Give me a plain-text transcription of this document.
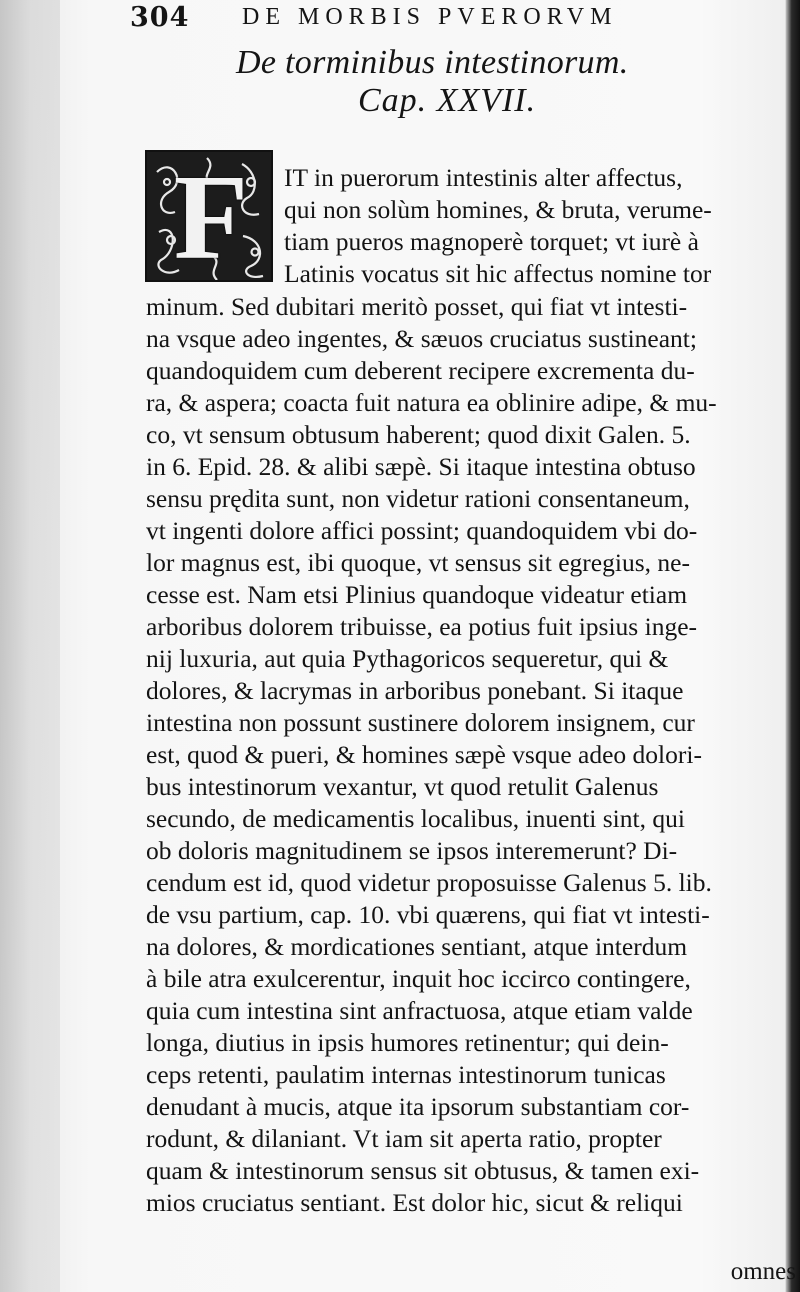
304 DE MORBIS PVERORVM
De torminibus intestinorum.
Cap. XXVII.
F	IT in puerorum intestinis alter affectus,
qui non solùm homines, & bruta, verume-
tiam pueros magnoperè torquet; vt iurè à
Latinis vocatus sit hic affectus nomine tor
minum. Sed dubitari meritò posset, qui fiat vt intesti-
na vsque adeo ingentes, & sæuos cruciatus sustineant;
quandoquidem cum deberent recipere excrementa du-
ra, & aspera; coacta fuit natura ea oblinire adipe, & mu-
co, vt sensum obtusum haberent; quod dixit Galen. 5.
in 6. Epid. 28. & alibi sæpè. Si itaque intestina obtuso
sensu prędita sunt, non videtur rationi consentaneum,
vt ingenti dolore affici possint; quandoquidem vbi do-
lor magnus est, ibi quoque, vt sensus sit egregius, ne-
cesse est. Nam etsi Plinius quandoque videatur etiam
arboribus dolorem tribuisse, ea potius fuit ipsius inge-
nij luxuria, aut quia Pythagoricos sequeretur, qui &
dolores, & lacrymas in arboribus ponebant. Si itaque
intestina non possunt sustinere dolorem insignem, cur
est, quod & pueri, & homines sæpè vsque adeo dolori-
bus intestinorum vexantur, vt quod retulit Galenus
secundo, de medicamentis localibus, inuenti sint, qui
ob doloris magnitudinem se ipsos interemerunt? Di-
cendum est id, quod videtur proposuisse Galenus 5. lib.
de vsu partium, cap. 10. vbi quærens, qui fiat vt intesti-
na dolores, & mordicationes sentiant, atque interdum
à bile atra exulcerentur, inquit hoc iccirco contingere,
quia cum intestina sint anfractuosa, atque etiam valde
longa, diutius in ipsis humores retinentur; qui dein-
ceps retenti, paulatim internas intestinorum tunicas
denudant à mucis, atque ita ipsorum substantiam cor-
rodunt, & dilaniant. Vt iam sit aperta ratio, propter
quam & intestinorum sensus sit obtusus, & tamen exi-
mios cruciatus sentiant. Est dolor hic, sicut & reliqui
omnes
